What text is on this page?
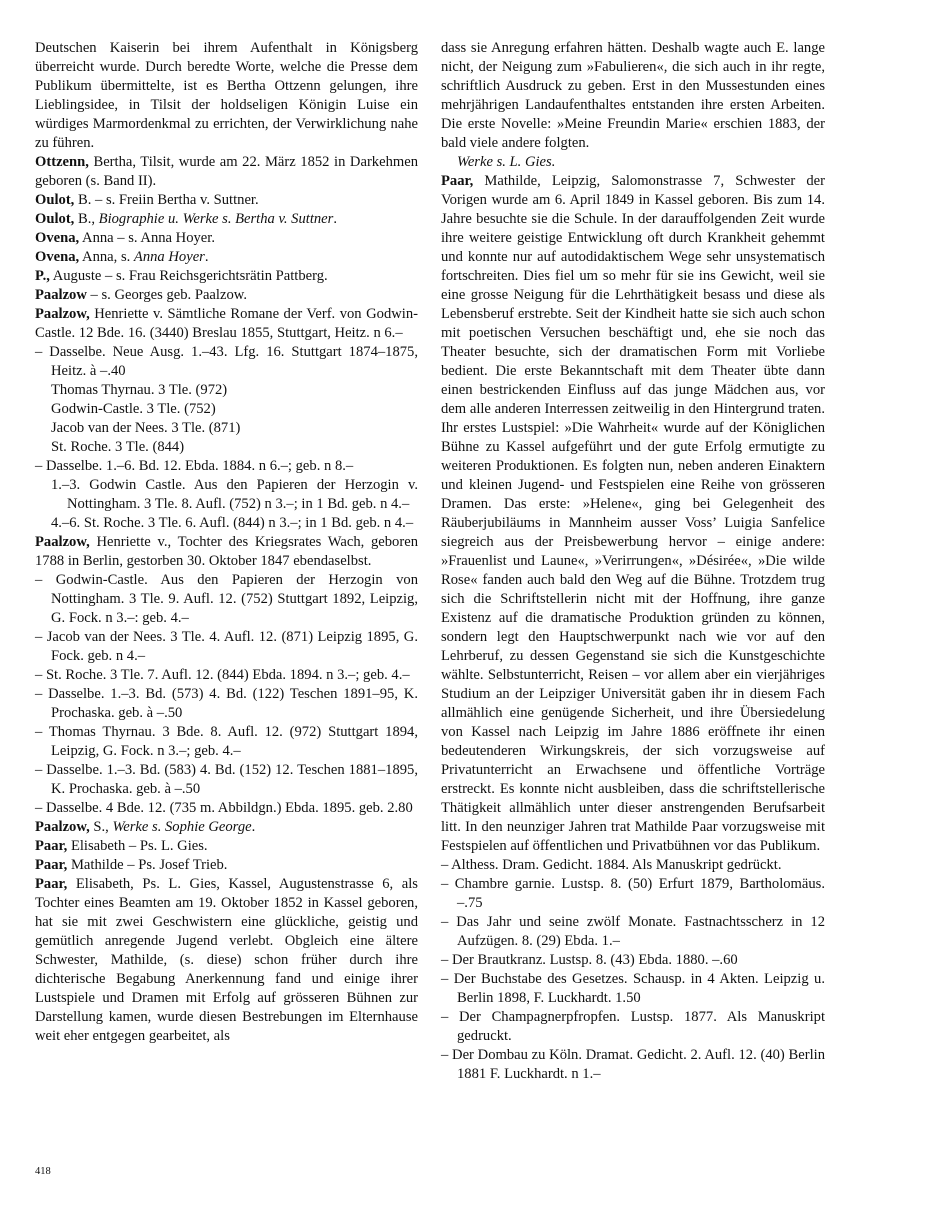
Deutschen Kaiserin bei ihrem Aufenthalt in Königsberg überreicht wurde. Durch beredte Worte, welche die Presse dem Publikum übermittelte, ist es Bertha Ottzenn gelungen, ihre Lieblingsidee, in Tilsit der holdseligen Königin Luise ein würdiges Marmordenkmal zu errichten, der Verwirklichung nahe zu führen.

Ottzenn, Bertha, Tilsit, wurde am 22. März 1852 in Darkehmen geboren (s. Band II).

Oulot, B. – s. Freiin Bertha v. Suttner.

Oulot, B., Biographie u. Werke s. Bertha v. Suttner.

Ovena, Anna – s. Anna Hoyer.

Ovena, Anna, s. Anna Hoyer.

P., Auguste – s. Frau Reichsgerichtsrätin Pattberg.

Paalzow – s. Georges geb. Paalzow.

Paalzow, Henriette v. Sämtliche Romane der Verf. von Godwin-Castle. 12 Bde. 16. (3440) Breslau 1855, Stuttgart, Heitz. n 6.–

– Dasselbe. Neue Ausg. 1.–43. Lfg. 16. Stuttgart 1874–1875, Heitz. à –.40

Thomas Thyrnau. 3 Tle. (972)

Godwin-Castle. 3 Tle. (752)

Jacob van der Nees. 3 Tle. (871)

St. Roche. 3 Tle. (844)

– Dasselbe. 1.–6. Bd. 12. Ebda. 1884. n 6.–; geb. n 8.–

1.–3. Godwin Castle. Aus den Papieren der Herzogin v. Nottingham. 3 Tle. 8. Aufl. (752) n 3.–; in 1 Bd. geb. n 4.–

4.–6. St. Roche. 3 Tle. 6. Aufl. (844) n 3.–; in 1 Bd. geb. n 4.–

Paalzow, Henriette v., Tochter des Kriegsrates Wach, geboren 1788 in Berlin, gestorben 30. Oktober 1847 ebendaselbst.

– Godwin-Castle. Aus den Papieren der Herzogin von Nottingham. 3 Tle. 9. Aufl. 12. (752) Stuttgart 1892, Leipzig, G. Fock. n 3.–: geb. 4.–

– Jacob van der Nees. 3 Tle. 4. Aufl. 12. (871) Leipzig 1895, G. Fock. geb. n 4.–

– St. Roche. 3 Tle. 7. Aufl. 12. (844) Ebda. 1894. n 3.–; geb. 4.–

– Dasselbe. 1.–3. Bd. (573) 4. Bd. (122) Teschen 1891–95, K. Prochaska. geb. à –.50

– Thomas Thyrnau. 3 Bde. 8. Aufl. 12. (972) Stuttgart 1894, Leipzig, G. Fock. n 3.–; geb. 4.–

– Dasselbe. 1.–3. Bd. (583) 4. Bd. (152) 12. Teschen 1881–1895, K. Prochaska. geb. à –.50

– Dasselbe. 4 Bde. 12. (735 m. Abbildgn.) Ebda. 1895. geb. 2.80

Paalzow, S., Werke s. Sophie George.

Paar, Elisabeth – Ps. L. Gies.

Paar, Mathilde – Ps. Josef Trieb.

Paar, Elisabeth, Ps. L. Gies, Kassel, Augustenstrasse 6, als Tochter eines Beamten am 19. Oktober 1852 in Kassel geboren, hat sie mit zwei Geschwistern eine glückliche, geistig und gemütlich anregende Jugend verlebt. Obgleich eine ältere Schwester, Mathilde, (s. diese) schon früher durch ihre dichterische Begabung Anerkennung fand und einige ihrer Lustspiele und Dramen mit Erfolg auf grösseren Bühnen zur Darstellung kamen, wurde diesen Bestrebungen im Elternhause weit eher entgegen gearbeitet, als

dass sie Anregung erfahren hätten. Deshalb wagte auch E. lange nicht, der Neigung zum »Fabulieren«, die sich auch in ihr regte, schriftlich Ausdruck zu geben. Erst in den Mussestunden eines mehrjährigen Landaufenthaltes entstanden ihre ersten Arbeiten. Die erste Novelle: »Meine Freundin Marie« erschien 1883, der bald viele andere folgten.

Werke s. L. Gies.

Paar, Mathilde, Leipzig, Salomonstrasse 7, Schwester der Vorigen wurde am 6. April 1849 in Kassel geboren. Bis zum 14. Jahre besuchte sie die Schule. In der darauffolgenden Zeit wurde ihre weitere geistige Entwicklung oft durch Krankheit gehemmt und konnte nur auf autodidaktischem Wege sehr unsystematisch fortschreiten. Dies fiel um so mehr für sie ins Gewicht, weil sie eine grosse Neigung für die Lehrthätigkeit besass und diese als Lebensberuf erstrebte. Seit der Kindheit hatte sie sich auch schon mit poetischen Versuchen beschäftigt und, ehe sie noch das Theater besuchte, sich der dramatischen Form mit Vorliebe bedient. Die erste Bekanntschaft mit dem Theater übte dann einen bestrickenden Einfluss auf das junge Mädchen aus, vor dem alle anderen Interressen zeitweilig in den Hintergrund traten. Ihr erstes Lustspiel: »Die Wahrheit« wurde auf der Königlichen Bühne zu Kassel aufgeführt und der gute Erfolg ermutigte zu weiteren Produktionen. Es folgten nun, neben anderen Einaktern und kleinen Jugend- und Festspielen eine Reihe von grösseren Dramen. Das erste: »Helene«, ging bei Gelegenheit des Räuberjubiläums in Mannheim ausser Voss’ Luigia Sanfelice siegreich aus der Preisbewerbung hervor – einige andere: »Frauenlist und Laune«, »Verirrungen«, »Désirée«, »Die wilde Rose« fanden auch bald den Weg auf die Bühne. Trotzdem trug sich die Schriftstellerin nicht mit der Hoffnung, ihre ganze Existenz auf die dramatische Produktion gründen zu können, sondern legt den Hauptschwerpunkt nach wie vor auf den Lehrberuf, zu dessen Gegenstand sie sich die Kunstgeschichte wählte. Selbstunterricht, Reisen – vor allem aber ein vierjähriges Studium an der Leipziger Universität gaben ihr in diesem Fach allmählich eine genügende Sicherheit, und ihre Übersiedelung von Kassel nach Leipzig im Jahre 1886 eröffnete ihr einen bedeutenderen Wirkungskreis, der sich vorzugsweise auf Privatunterricht an Erwachsene und öffentliche Vorträge erstreckt. Es konnte nicht ausbleiben, dass die schriftstellerische Thätigkeit allmählich unter dieser anstrengenden Berufsarbeit litt. In den neunziger Jahren trat Mathilde Paar vorzugsweise mit Festspielen auf öffentlichen und Privatbühnen vor das Publikum.

– Althess. Dram. Gedicht. 1884. Als Manuskript gedrückt.

– Chambre garnie. Lustsp. 8. (50) Erfurt 1879, Bartholomäus. –.75

– Das Jahr und seine zwölf Monate. Fastnachtsscherz in 12 Aufzügen. 8. (29) Ebda. 1.–

– Der Brautkranz. Lustsp. 8. (43) Ebda. 1880. –.60

– Der Buchstabe des Gesetzes. Schausp. in 4 Akten. Leipzig u. Berlin 1898, F. Luckhardt. 1.50

– Der Champagnerpfropfen. Lustsp. 1877. Als Manuskript gedruckt.

– Der Dombau zu Köln. Dramat. Gedicht. 2. Aufl. 12. (40) Berlin 1881 F. Luckhardt. n 1.–

418
